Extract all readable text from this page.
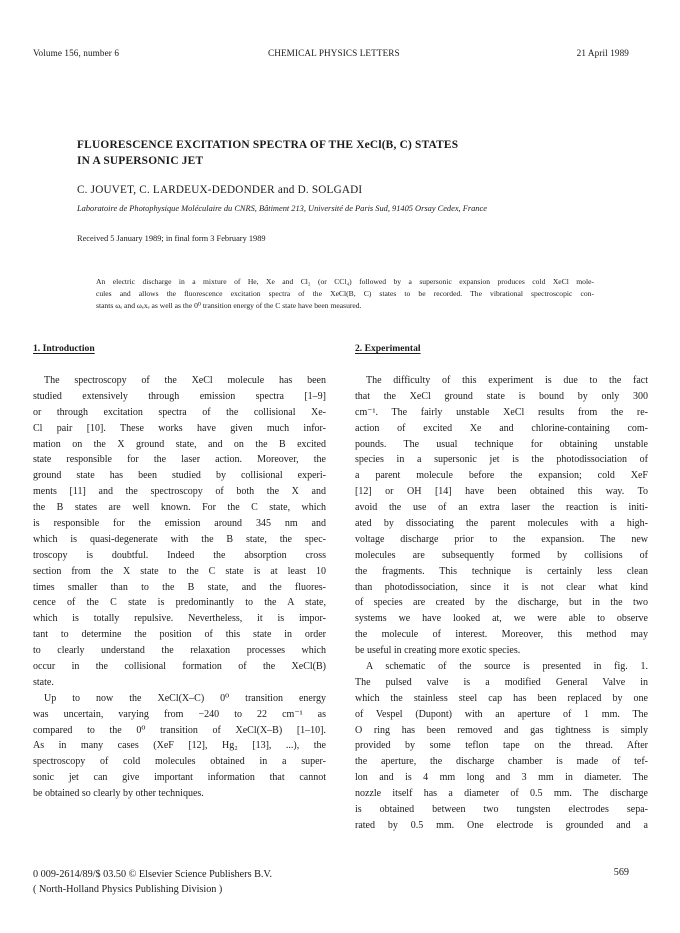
Volume 156, number 6	CHEMICAL PHYSICS LETTERS	21 April 1989
FLUORESCENCE EXCITATION SPECTRA OF THE XeCl(B, C) STATES
IN A SUPERSONIC JET
C. JOUVET, C. LARDEUX-DEDONDER and D. SOLGADI
Laboratoire de Photophysique Moléculaire du CNRS, Bâtiment 213, Université de Paris Sud, 91405 Orsay Cedex, France
Received 5 January 1989; in final form 3 February 1989
An electric discharge in a mixture of He, Xe and Cl₂ (or CCl₄) followed by a supersonic expansion produces cold XeCl mole-
cules and allows the fluorescence excitation spectra of the XeCl(B, C) states to be recorded. The vibrational spectroscopic con-
stants ωₑ and ωₑxₑ as well as the 0⁰ transition energy of the C state have been measured.
1. Introduction	2. Experimental
The spectroscopy of the XeCl molecule has been
studied extensively through emission spectra [1–9]
or through excitation spectra of the collisional Xe-
Cl pair [10]. These works have given much infor-
mation on the X ground state, and on the B excited
state responsible for the laser action. Moreover, the
ground state has been studied by collisional experi-
ments [11] and the spectroscopy of both the X and
the B states are well known. For the C state, which
is responsible for the emission around 345 nm and
which is quasi-degenerate with the B state, the spec-
troscopy is doubtful. Indeed the absorption cross
section from the X state to the C state is at least 10
times smaller than to the B state, and the fluores-
cence of the C state is predominantly to the A state,
which is totally repulsive. Nevertheless, it is impor-
tant to determine the position of this state in order
to clearly understand the relaxation processes which
occur in the collisional formation of the XeCl(B)
state.
Up to now the XeCl(X–C) 0⁰ transition energy
was uncertain, varying from −240 to 22 cm⁻¹ as
compared to the 0⁰ transition of XeCl(X–B) [1–10].
As in many cases (XeF [12], Hg₂ [13], ...), the
spectroscopy of cold molecules obtained in a super-
sonic jet can give important information that cannot
be obtained so clearly by other techniques.
The difficulty of this experiment is due to the fact
that the XeCl ground state is bound by only 300
cm⁻¹. The fairly unstable XeCl results from the re-
action of excited Xe and chlorine-containing com-
pounds. The usual technique for obtaining unstable
species in a supersonic jet is the photodissociation of
a parent molecule before the expansion; cold XeF
[12] or OH [14] have been obtained this way. To
avoid the use of an extra laser the reaction is initi-
ated by dissociating the parent molecules with a high-
voltage discharge prior to the expansion. The new
molecules are subsequently formed by collisions of
the fragments. This technique is certainly less clean
than photodissociation, since it is not clear what kind
of species are created by the discharge, but in the two
systems we have looked at, we were able to observe
the molecule of interest. Moreover, this method may
be useful in creating more exotic species.
A schematic of the source is presented in fig. 1.
The pulsed valve is a modified General Valve in
which the stainless steel cap has been replaced by one
of Vespel (Dupont) with an aperture of 1 mm. The
O ring has been removed and gas tightness is simply
provided by some teflon tape on the thread. After
the aperture, the discharge chamber is made of tef-
lon and is 4 mm long and 3 mm in diameter. The
nozzle itself has a diameter of 0.5 mm. The discharge
is obtained between two tungsten electrodes sepa-
rated by 0.5 mm. One electrode is grounded and a
0 009-2614/89/$ 03.50 © Elsevier Science Publishers B.V.
( North-Holland Physics Publishing Division )
569
